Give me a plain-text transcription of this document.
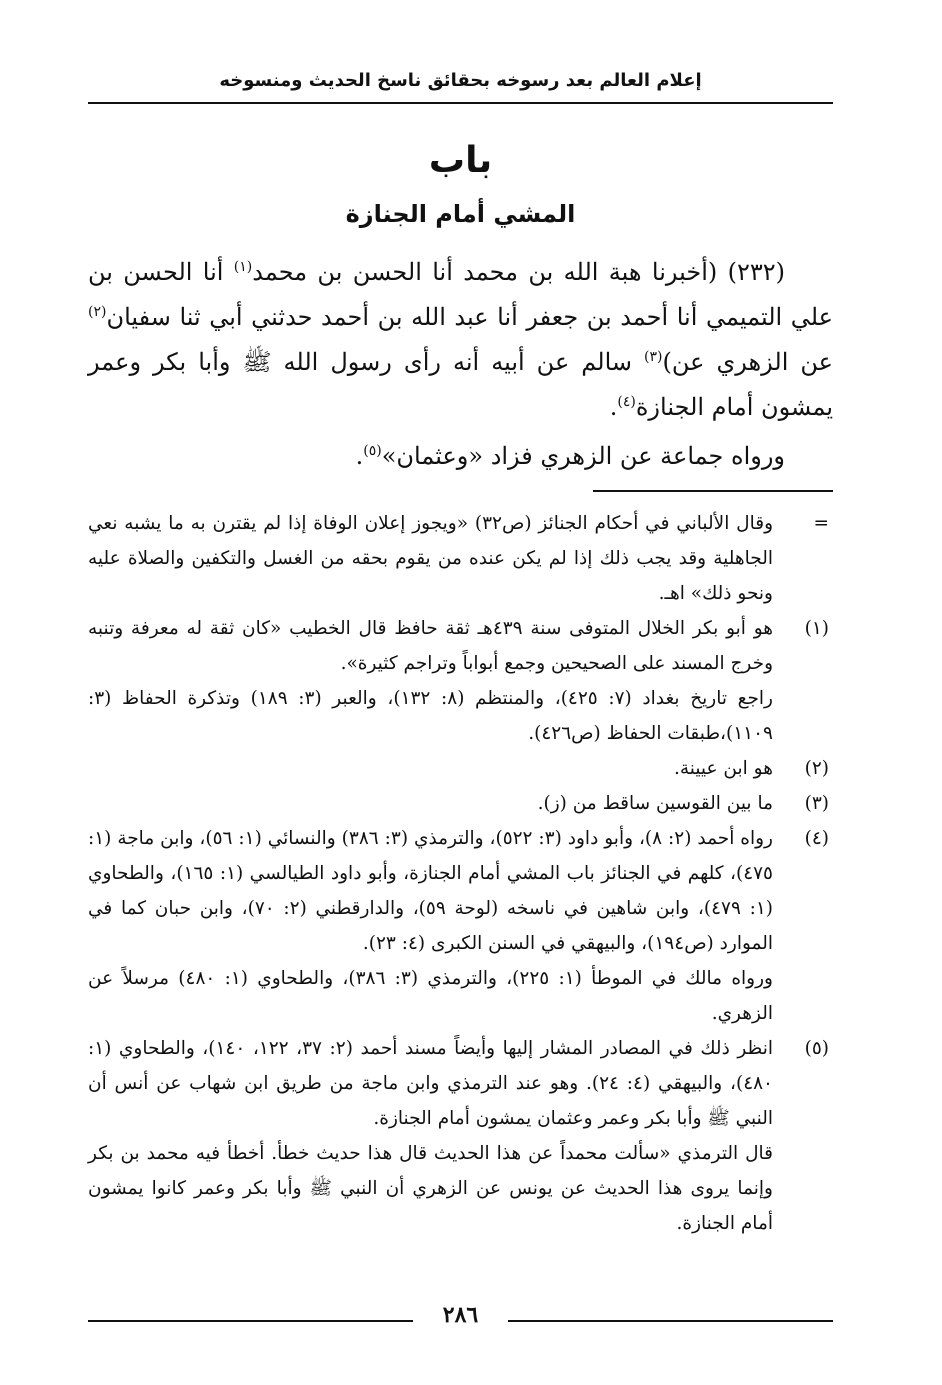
إعلام العالم بعد رسوخه بحقائق ناسخ الحديث ومنسوخه
باب
المشي أمام الجنازة

(٢٣٢) (أخبرنا هبة الله بن محمد أنا الحسن بن محمد$^{(١)}$ أنا الحسن بن علي التميمي أنا أحمد بن جعفر أنا عبد الله بن أحمد حدثني أبي ثنا سفيان$^{(٢)}$ عن الزهري عن)$^{(٣)}$ سالم عن أبيه أنه رأى رسول الله ﷺ وأبا بكر وعمر يمشون أمام الجنازة$^{(٤)}$.

ورواه جماعة عن الزهري فزاد «وعثمان»$^{(٥)}$.

=

وقال الألباني في أحكام الجنائز (ص٣٢) «ويجوز إعلان الوفاة إذا لم يقترن به ما يشبه نعي الجاهلية وقد يجب ذلك إذا لم يكن عنده من يقوم بحقه من الغسل والتكفين والصلاة عليه ونحو ذلك» اهـ.

(١)

هو أبو بكر الخلال المتوفى سنة ٤٣٩هـ ثقة حافظ قال الخطيب «كان ثقة له معرفة وتنبه وخرج المسند على الصحيحين وجمع أبواباً وتراجم كثيرة».

راجع تاريخ بغداد (٧: ٤٢٥)، والمنتظم (٨: ١٣٢)، والعبر (٣: ١٨٩) وتذكرة الحفاظ (٣: ١١٠٩)،طبقات الحفاظ (ص٤٢٦).

(٢)

هو ابن عيينة.

(٣)

ما بين القوسين ساقط من (ز).

(٤)

رواه أحمد (٢: ٨)، وأبو داود (٣: ٥٢٢)، والترمذي (٣: ٣٨٦) والنسائي (١: ٥٦)، وابن ماجة (١: ٤٧٥)، كلهم في الجنائز باب المشي أمام الجنازة، وأبو داود الطيالسي (١: ١٦٥)، والطحاوي (١: ٤٧٩)، وابن شاهين في ناسخه (لوحة ٥٩)، والدارقطني (٢: ٧٠)، وابن حبان كما في الموارد (ص١٩٤)، والبيهقي في السنن الكبرى (٤: ٢٣).

ورواه مالك في الموطأ (١: ٢٢٥)، والترمذي (٣: ٣٨٦)، والطحاوي (١: ٤٨٠) مرسلاً عن الزهري.

(٥)

انظر ذلك في المصادر المشار إليها وأيضاً مسند أحمد (٢: ٣٧، ١٢٢، ١٤٠)، والطحاوي (١: ٤٨٠)، والبيهقي (٤: ٢٤). وهو عند الترمذي وابن ماجة من طريق ابن شهاب عن أنس أن النبي ﷺ وأبا بكر وعمر وعثمان يمشون أمام الجنازة.

قال الترمذي «سألت محمداً عن هذا الحديث قال هذا حديث خطأ. أخطأ فيه محمد بن بكر وإنما يروى هذا الحديث عن يونس عن الزهري أن النبي ﷺ وأبا بكر وعمر كانوا يمشون أمام الجنازة.

٢٨٦
